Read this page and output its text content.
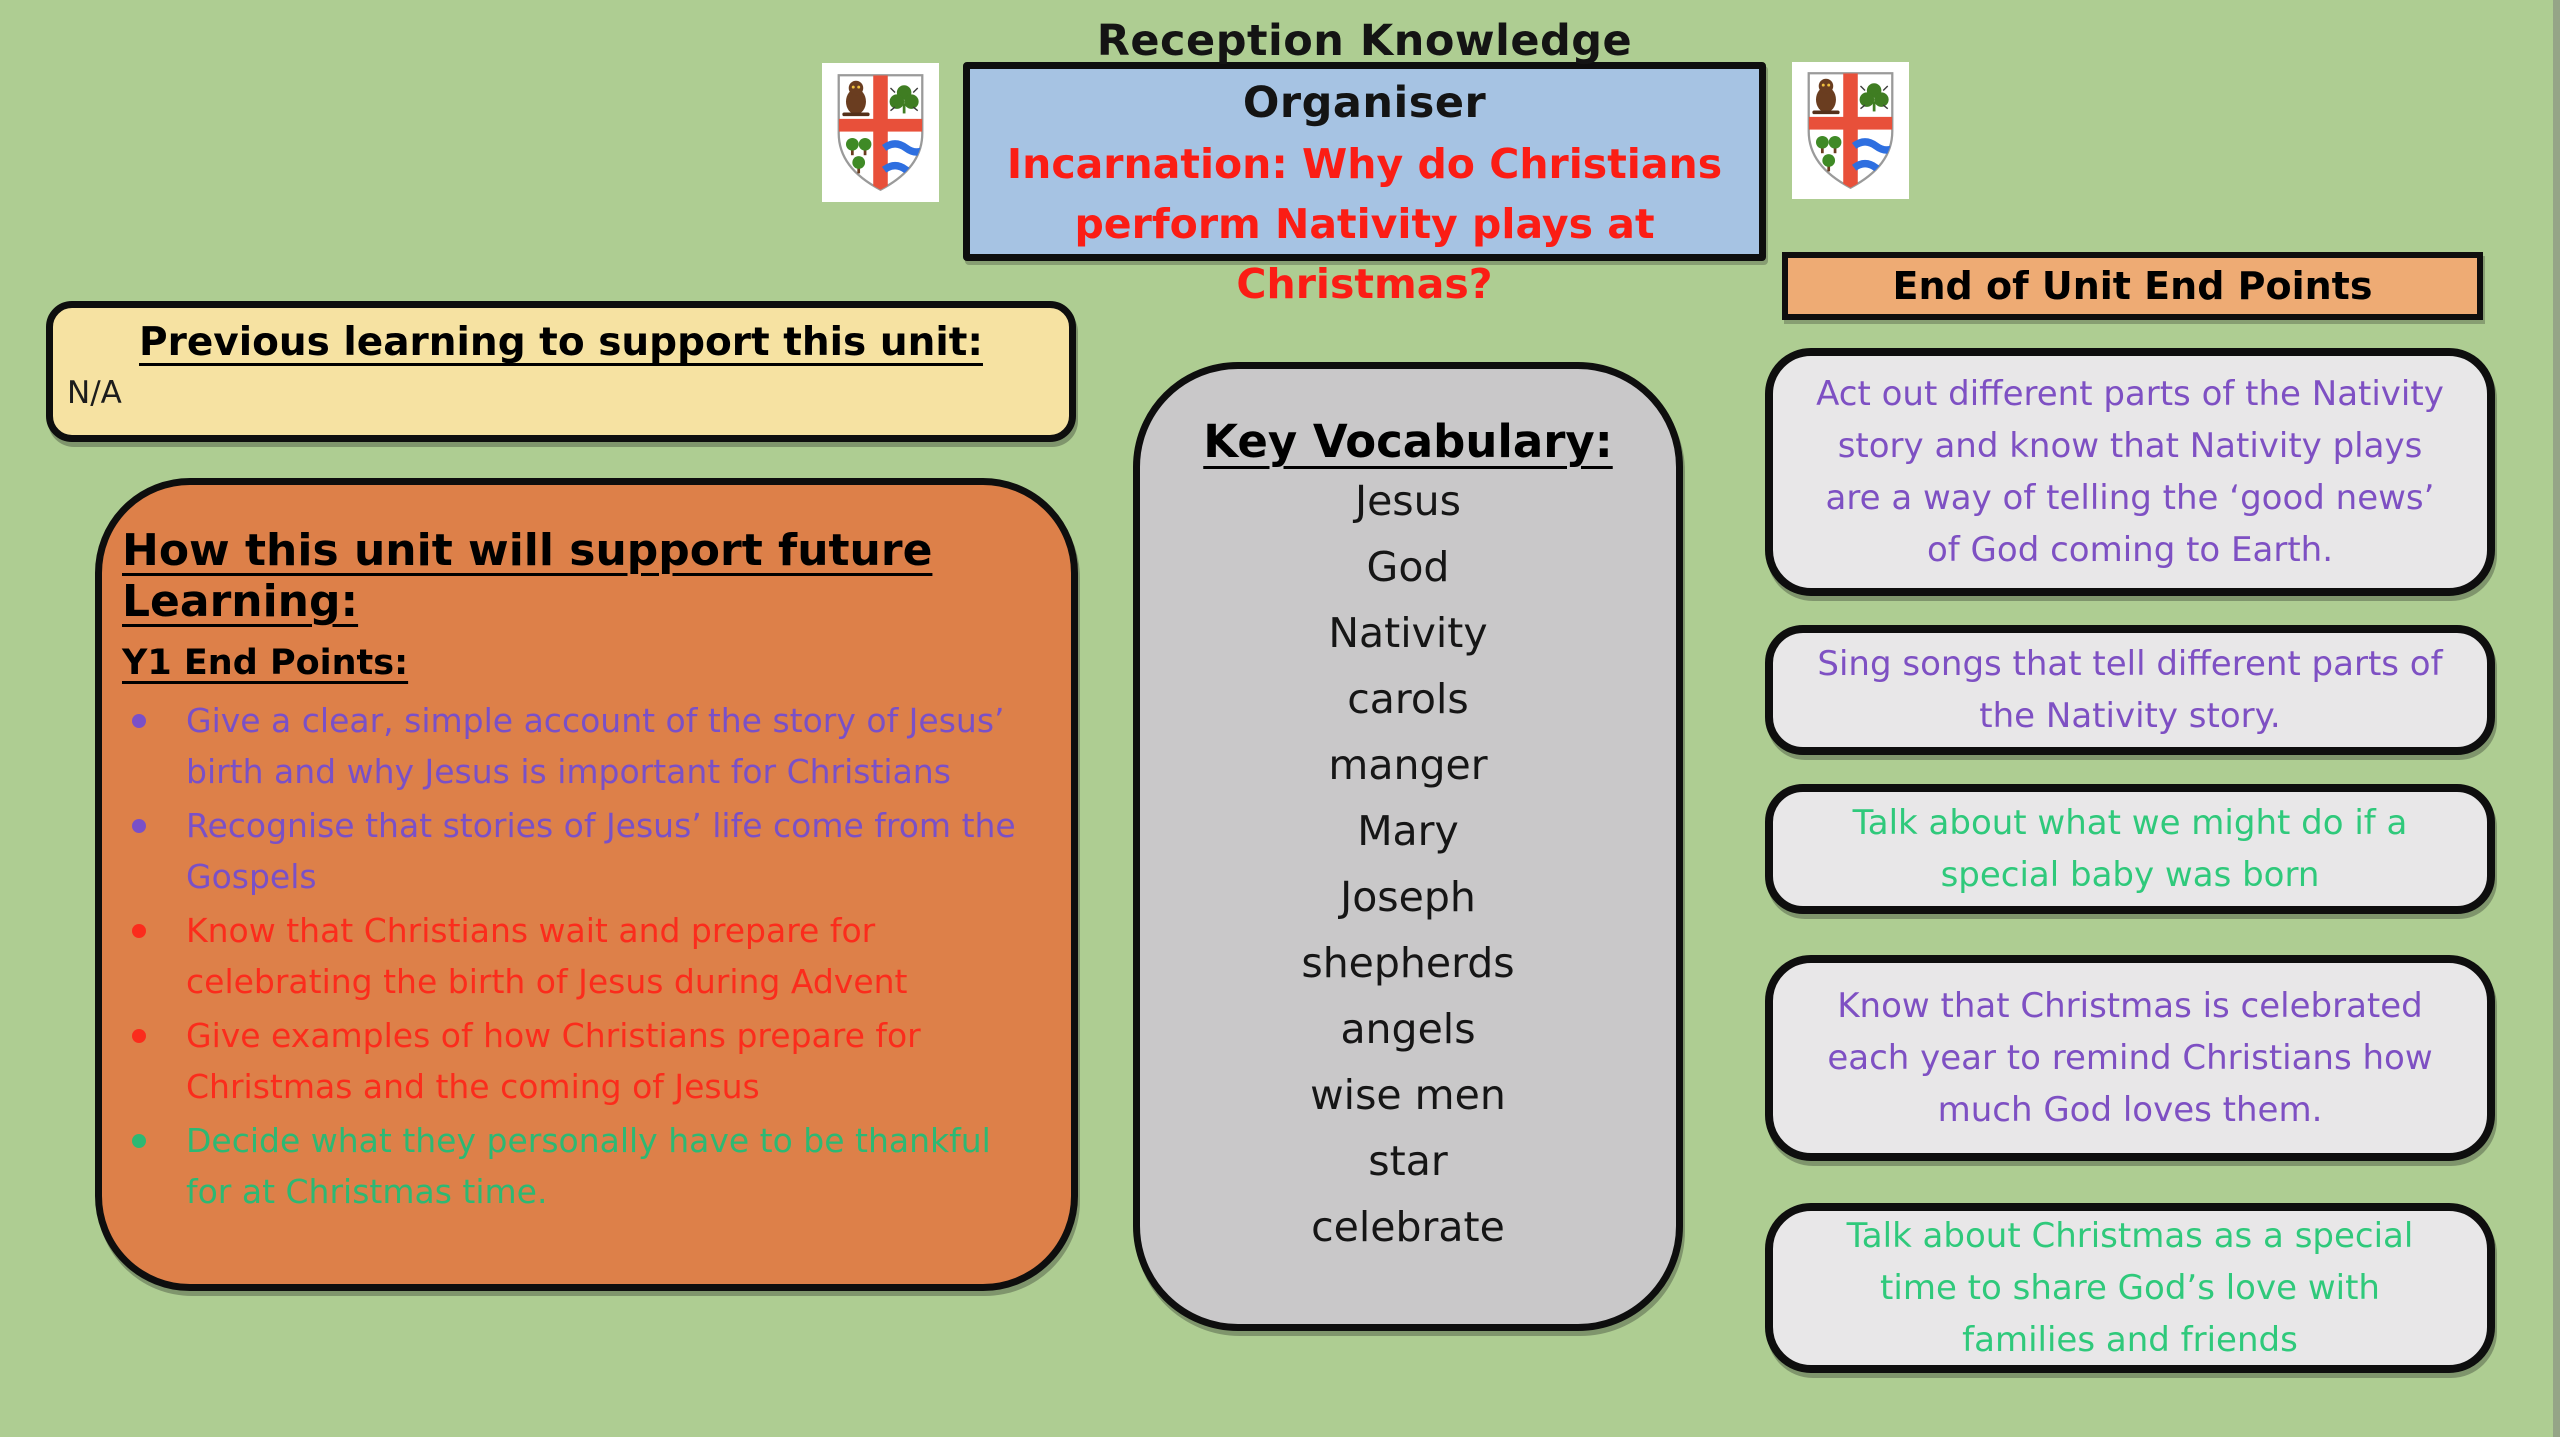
Reception Knowledge Organiser
Incarnation: Why do Christians
perform Nativity plays at Christmas?
Previous learning to support this unit:
N/A
How this unit will support future Learning:
Y1 End Points:
Give a clear, simple account of the story of Jesus’ birth and why Jesus is important for Christians
Recognise that stories of Jesus’ life come from the Gospels
Know that Christians wait and prepare for celebrating the birth of Jesus during Advent
Give examples of how Christians prepare for Christmas and the coming of Jesus
Decide what they personally have to be thankful for at Christmas time.
Key Vocabulary:
Jesus
God
Nativity
carols
manger
Mary
Joseph
shepherds
angels
wise men
star
celebrate
End of Unit End Points
Act out different parts of the Nativity story and know that Nativity plays are a way of telling the ‘good news’ of God coming to Earth.
Sing songs that tell different parts of the Nativity story.
Talk about what we might do if a special baby was born
Know that Christmas is celebrated each year to remind Christians how much God loves them.
Talk about Christmas as a special time to share God’s love with families and friends
